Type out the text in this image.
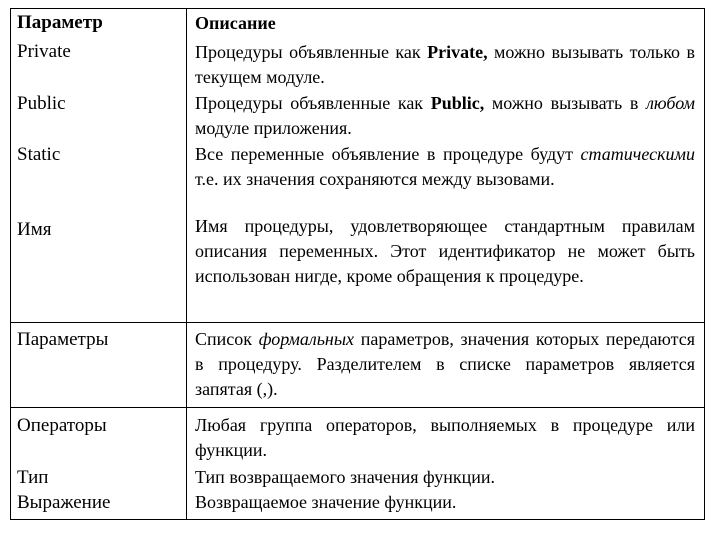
Параметр	Описание
Private	Процедуры объявленные как Private, можно вызывать только в текущем модуле.
Public	Процедуры объявленные как Public, можно вызывать в любом модуле приложения.
Static	Все переменные объявление в процедуре будут статическими т.е. их значения сохраняются между вызовами.
Имя	Имя процедуры, удовлетворяющее стандартным правилам описания переменных. Этот идентификатор не может быть использован нигде, кроме обращения к процедуре.
Параметры	Список формальных параметров, значения которых передаются в процедуру. Разделителем в списке параметров является запятая (,).
Операторы	Любая группа операторов, выполняемых в процедуре или функции.
Тип	Тип возвращаемого значения функции.
Выражение	Возвращаемое значение функции.
